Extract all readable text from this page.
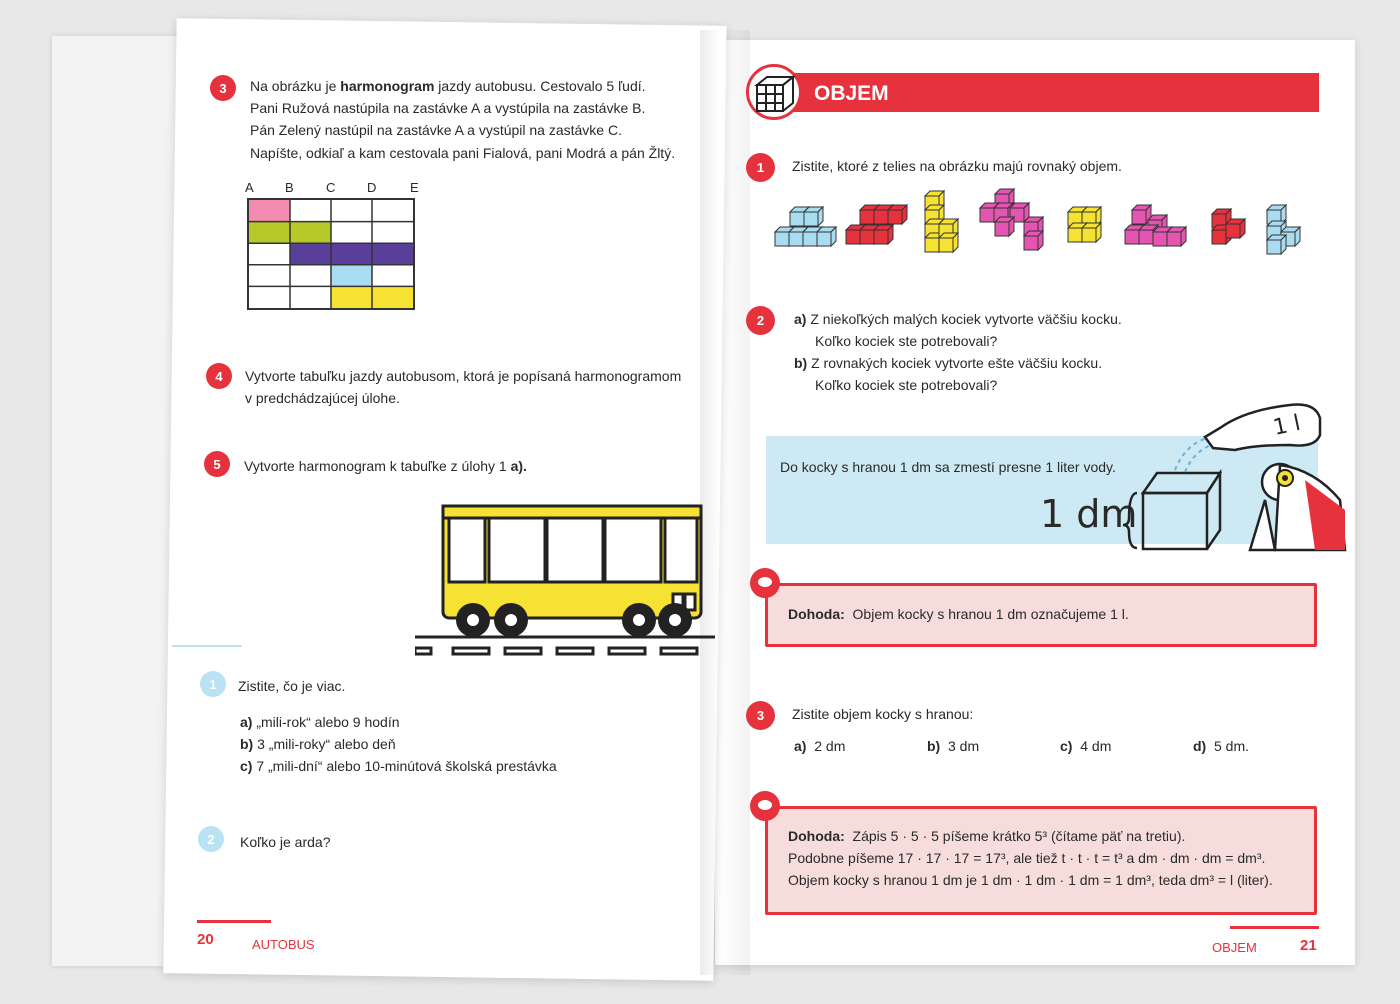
3	Na obrázku je harmonogram jazdy autobusu. Cestovalo 5 ľudí.
Pani Ružová nastúpila na zastávke A a vystúpila na zastávke B.
Pán Zelený nastúpil na zastávke A a vystúpil na zastávke C.
Napíšte, odkiaľ a kam cestovala pani Fialová, pani Modrá a pán Žltý.
A B C D	E
4	Vytvorte tabuľku jazdy autobusom, ktorá je popísaná harmonogramom
v predchádzajúcej úlohe.
5	Vytvorte harmonogram k tabuľke z úlohy 1 a).
1	Zistite, čo je viac.
a) „mili-rok“ alebo 9 hodín
b) 3 „mili-roky“ alebo deň
c) 7 „mili-dní“ alebo 10-minútová školská prestávka
2	Koľko je arda?
20	AUTOBUS
OBJEM
1	Zistite, ktoré z telies na obrázku majú rovnaký objem.
2	a) Z niekoľkých malých kociek vytvorte väčšiu kocku.
Koľko kociek ste potrebovali?
b) Z rovnakých kociek vytvorte ešte väčšiu kocku.
Koľko kociek ste potrebovali?
Do kocky s hranou 1 dm sa zmestí presne 1 liter vody.
1 dm
1 l
Dohoda: Objem kocky s hranou 1 dm označujeme 1 l.
3	Zistite objem kocky s hranou:
a) 2 dm	b) 3 dm	c) 4 dm	d) 5 dm.
Dohoda: Zápis 5 · 5 · 5 píšeme krátko 5³ (čítame päť na tretiu).
Podobne píšeme 17 · 17 · 17 = 17³, ale tiež t · t · t = t³ a dm · dm · dm = dm³.
Objem kocky s hranou 1 dm je 1 dm · 1 dm · 1 dm = 1 dm³, teda dm³ = l (liter).
OBJEM	21
